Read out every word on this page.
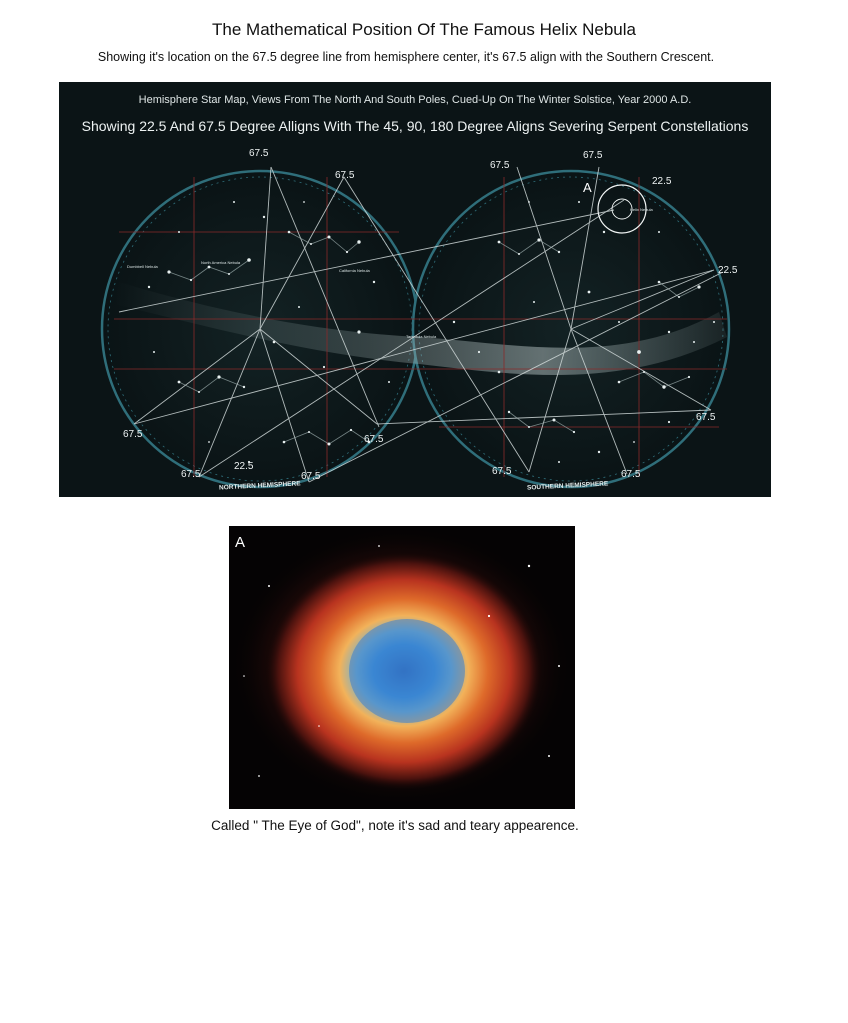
The Mathematical Position Of The Famous Helix Nebula
Showing it's location on the 67.5 degree line from hemisphere center, it's 67.5 align with the Southern Crescent.
Helix Nebula
A
Dumbbell Nebula
North America Nebula
California Nebula
Tarantula Nebula
67.5
67.5
67.5
67.5
22.5
67.5
67.5
22.5
22.5
67.5
67.5
67.5	67.5
67.5
NORTHERN HEMISPHERE	SOUTHERN HEMISPHERE
Hemisphere Star Map, Views From The North And South Poles, Cued-Up On The Winter Solstice, Year 2000 A.D.
Showing 22.5 And 67.5 Degree Alligns With The 45, 90, 180 Degree Aligns Severing Serpent Constellations
A
Called " The Eye of God", note it's sad and teary appearence.
